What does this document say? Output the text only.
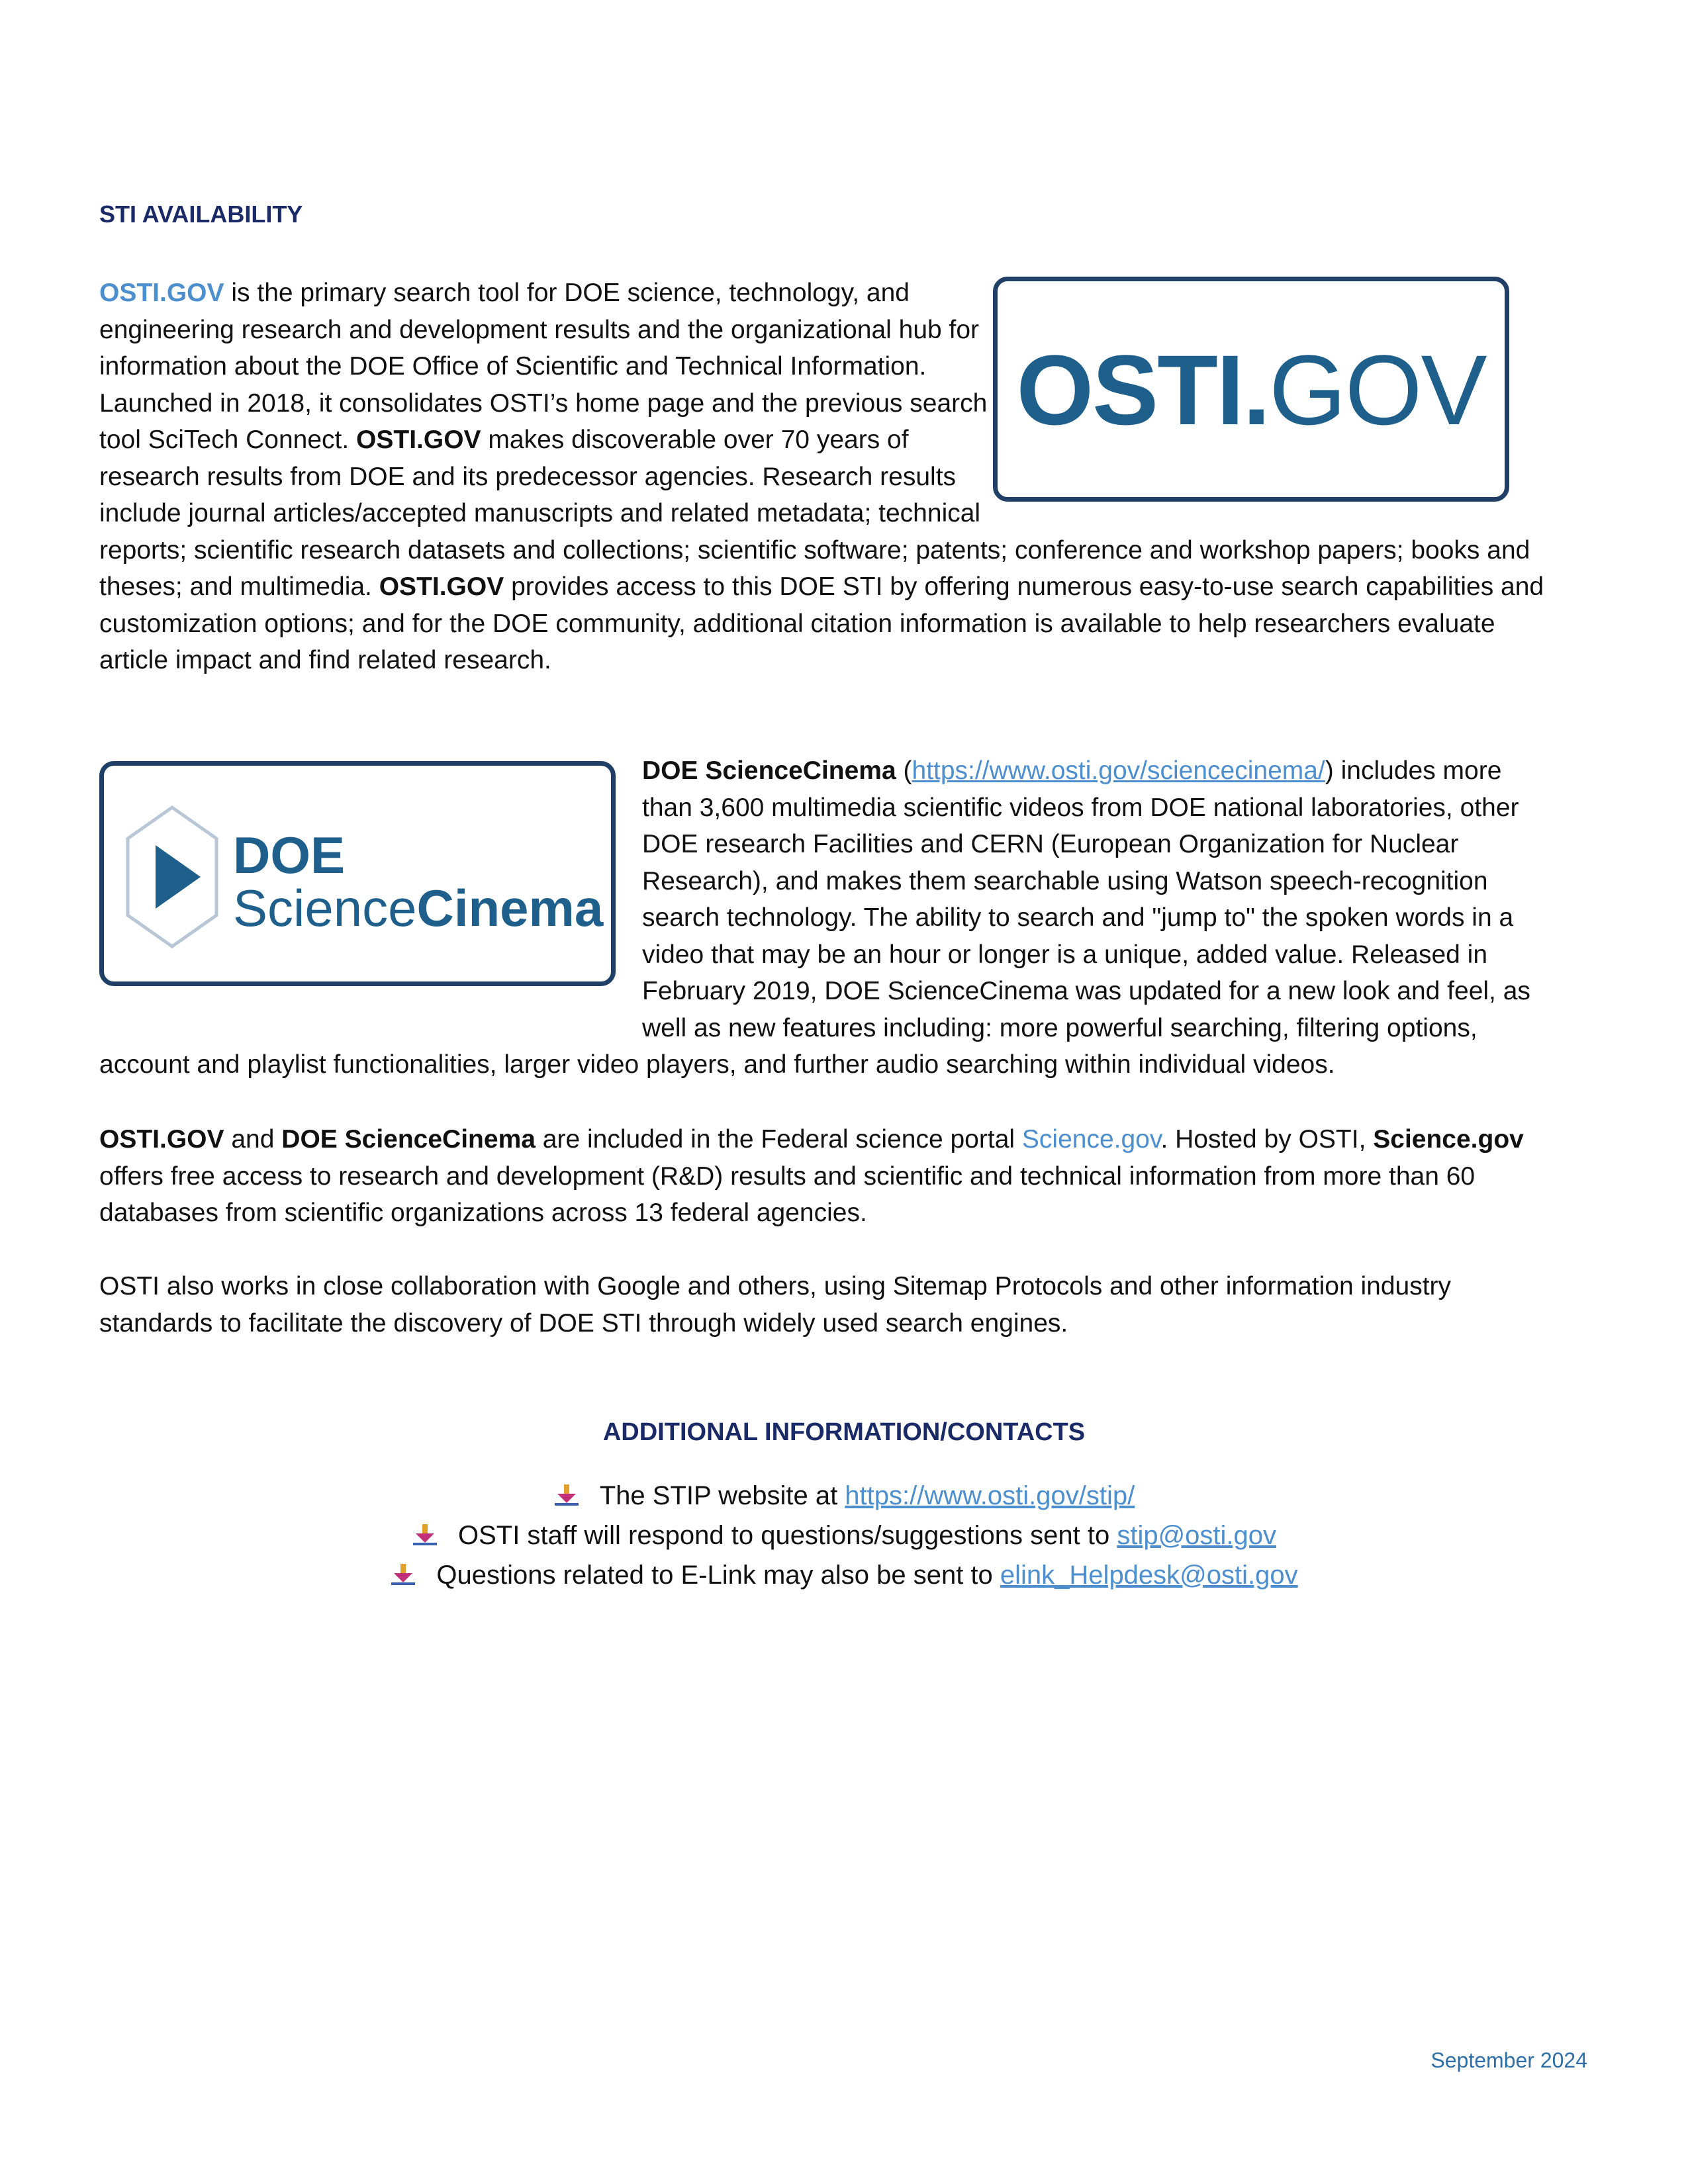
STI AVAILABILITY
OSTI.GOV

OSTI.GOV is the primary search tool for DOE science, technology, and engineering research and development results and the organizational hub for information about the DOE Office of Scientific and Technical Information. Launched in 2018, it consolidates OSTI’s home page and the previous search tool SciTech Connect. OSTI.GOV makes discoverable over 70 years of research results from DOE and its predecessor agencies. Research results include journal articles/accepted manuscripts and related metadata; technical reports; scientific research datasets and collections; scientific software; patents; conference and workshop papers; books and theses; and multimedia. OSTI.GOV provides access to this DOE STI by offering numerous easy-to-use search capabilities and customization options; and for the DOE community, additional citation information is available to help researchers evaluate article impact and find related research.

DOE
ScienceCinema

DOE ScienceCinema (https://www.osti.gov/sciencecinema/) includes more than 3,600 multimedia scientific videos from DOE national laboratories, other DOE research Facilities and CERN (European Organization for Nuclear Research), and makes them searchable using Watson speech-recognition search technology. The ability to search and "jump to" the spoken words in a video that may be an hour or longer is a unique, added value. Released in February 2019, DOE ScienceCinema was updated for a new look and feel, as well as new features including: more powerful searching, filtering options, account and playlist functionalities, larger video players, and further audio searching within individual videos.

OSTI.GOV and DOE ScienceCinema are included in the Federal science portal Science.gov. Hosted by OSTI, Science.gov offers free access to research and development (R&D) results and scientific and technical information from more than 60 databases from scientific organizations across 13 federal agencies.

OSTI also works in close collaboration with Google and others, using Sitemap Protocols and other information industry standards to facilitate the discovery of DOE STI through widely used search engines.

ADDITIONAL INFORMATION/CONTACTS
The STIP website at https://www.osti.gov/stip/
OSTI staff will respond to questions/suggestions sent to stip@osti.gov
Questions related to E-Link may also be sent to elink_Helpdesk@osti.gov
September 2024
